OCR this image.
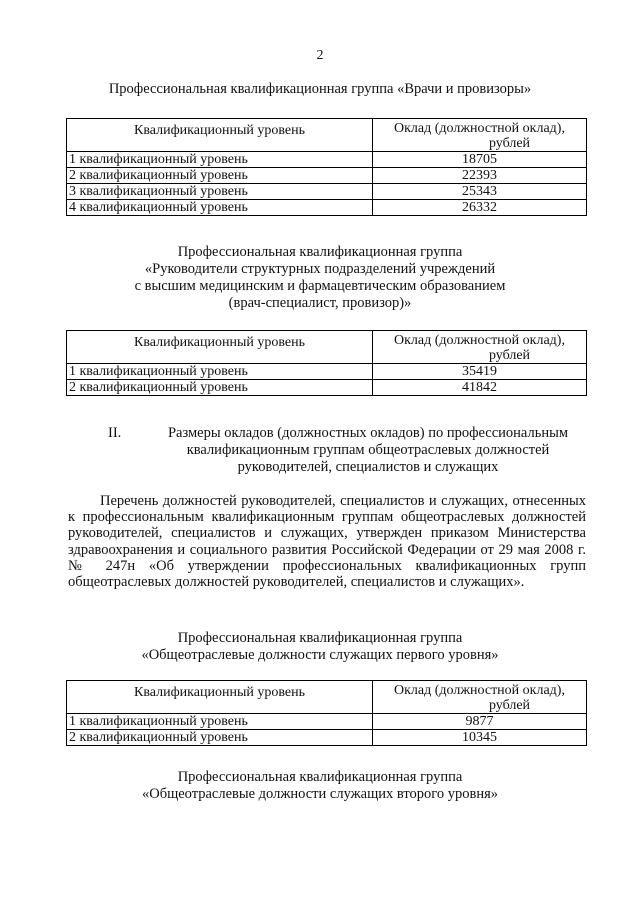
2
Профессиональная квалификационная группа «Врачи и провизоры»
Квалификационный уровень	Оклад (должностной оклад),
рублей

1 квалификационный уровень	18705
2 квалификационный уровень	22393
3 квалификационный уровень	25343
4 квалификационный уровень	26332
Профессиональная квалификационная группа
«Руководители структурных подразделений учреждений
с высшим медицинским и фармацевтическим образованием
(врач-специалист, провизор)»
Квалификационный уровень	Оклад (должностной оклад),
рублей

1 квалификационный уровень	35419
2 квалификационный уровень	41842
II.	Размеры окладов (должностных окладов) по профессиональным
квалификационным группам общеотраслевых должностей
руководителей, специалистов и служащих
Перечень должностей руководителей, специалистов и служащих, отнесенных к профессиональным квалификационным группам общеотраслевых должностей руководителей, специалистов и служащих, утвержден приказом Министерства здравоохранения и социального развития Российской Федерации от 29 мая 2008 г. № 247н «Об утверждении профессиональных квалификационных групп общеотраслевых должностей руководителей, специалистов и служащих».
Профессиональная квалификационная группа
«Общеотраслевые должности служащих первого уровня»
Квалификационный уровень	Оклад (должностной оклад),
рублей

1 квалификационный уровень	9877
2 квалификационный уровень	10345
Профессиональная квалификационная группа
«Общеотраслевые должности служащих второго уровня»
